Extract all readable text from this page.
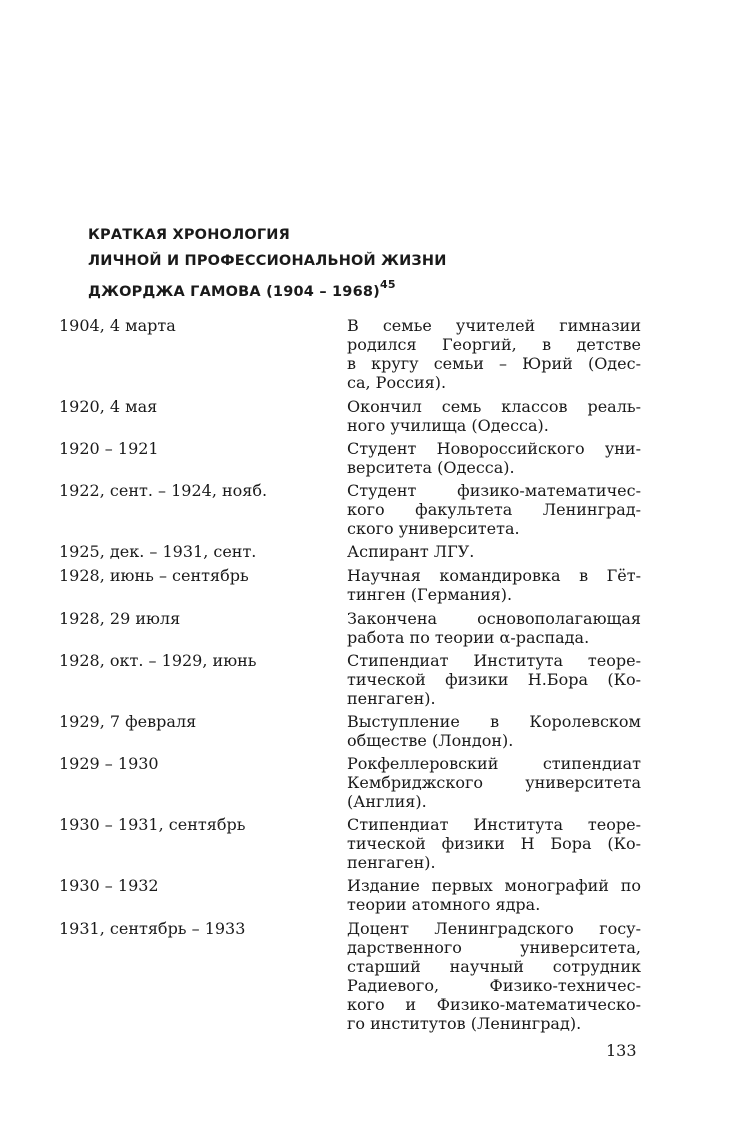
КРАТКАЯ ХРОНОЛОГИЯ
ЛИЧНОЙ И ПРОФЕССИОНАЛЬНОЙ ЖИЗНИ
ДЖОРДЖА ГАМОВА (1904 – 1968)$^{45}$
1904, 4 марта	В семье учителей гимназии
родился Георгий, в детстве
в кругу семьи – Юрий (Одес-
са, Россия).
1920, 4 мая	Окончил семь классов реаль-
ного училища (Одесса).
1920 – 1921	Студент Новороссийского уни-
верситета (Одесса).
1922, сент. – 1924, нояб.	Студент физико-математичес-
кого факультета Ленинград-
ского университета.
1925, дек. – 1931, сент.	Аспирант ЛГУ.
1928, июнь – сентябрь	Научная командировка в Гёт-
тинген (Германия).
1928, 29 июля	Закончена основополагающая
работа по теории α-распада.
1928, окт. – 1929, июнь	Стипендиат Института теоре-
тической физики Н.Бора (Ко-
пенгаген).
1929, 7 февраля	Выступление в Королевском
обществе (Лондон).
1929 – 1930	Рокфеллеровский стипендиат
Кембриджского университета
(Англия).
1930 – 1931, сентябрь	Стипендиат Института теоре-
тической физики Н Бора (Ко-
пенгаген).
1930 – 1932	Издание первых монографий по
теории атомного ядра.
1931, сентябрь – 1933	Доцент Ленинградского госу-
дарственного университета,
старший научный сотрудник
Радиевого, Физико-техничес-
кого и Физико-математическо-
го институтов (Ленинград).
133
